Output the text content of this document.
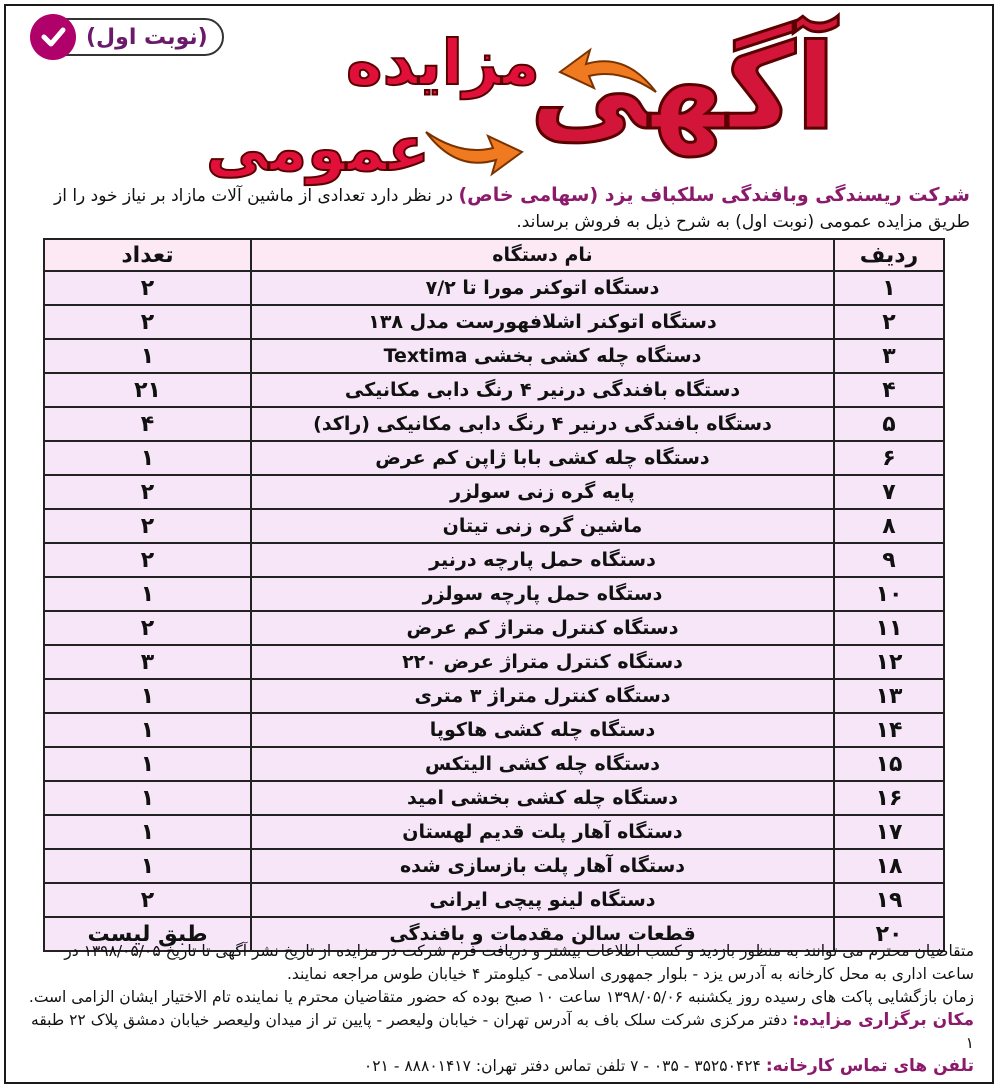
(نوبت اول)	آگهی
مزایده
عمومی
شرکت ریسندگی وبافندگی سلکباف یزد (سهامی خاص) در نظر دارد تعدادی از ماشین آلات مازاد بر نیاز خود را از طریق مزایده عمومی (نوبت اول) به شرح ذیل به فروش برساند.
ردیف	نام دستگاه	تعداد
۱	دستگاه اتوکنر مورا تا ۷/۲	۲
۲	دستگاه اتوکنر اشلافهورست مدل ۱۳۸	۲
۳	دستگاه چله کشی بخشی Textima	۱
۴	دستگاه بافندگی درنیر ۴ رنگ دابی مکانیکی	۲۱
۵	دستگاه بافندگی درنیر ۴ رنگ دابی مکانیکی (راکد)	۴
۶	دستگاه چله کشی بابا ژاپن کم عرض	۱
۷	پایه گره زنی سولزر	۲
۸	ماشین گره زنی تیتان	۲
۹	دستگاه حمل پارچه درنیر	۲
۱۰	دستگاه حمل پارچه سولزر	۱
۱۱	دستگاه کنترل متراژ کم عرض	۲
۱۲	دستگاه کنترل متراژ عرض ۲۲۰	۳
۱۳	دستگاه کنترل متراژ ۳ متری	۱
۱۴	دستگاه چله کشی هاکوپا	۱
۱۵	دستگاه چله کشی الیتکس	۱
۱۶	دستگاه چله کشی بخشی امید	۱
۱۷	دستگاه آهار پلت قدیم لهستان	۱
۱۸	دستگاه آهار پلت بازسازی شده	۱
۱۹	دستگاه لینو پیچی ایرانی	۲
۲۰	قطعات سالن مقدمات و بافندگی	طبق لیست

متقاضیان محترم می توانند به منظور بازدید و کسب اطلاعات بیشتر و دریافت فرم شرکت در مزایده از تاریخ نشر آگهی تا تاریخ ۱۳۹۸/۰۵/۰۵ در ساعت اداری به محل کارخانه به آدرس یزد - بلوار جمهوری اسلامی - کیلومتر ۴ خیابان طوس مراجعه نمایند.

زمان بازگشایی پاکت های رسیده روز یکشنبه ۱۳۹۸/۰۵/۰۶ ساعت ۱۰ صبح بوده که حضور متقاضیان محترم یا نماینده تام الاختیار ایشان الزامی است.

مکان برگزاری مزایده: دفتر مرکزی شرکت سلک باف به آدرس تهران - خیابان ولیعصر - پایین تر از میدان ولیعصر خیابان دمشق پلاک ۲۲ طبقه ۱

تلفن های تماس کارخانه: ۳۵۲۵۰۴۲۴ - ۰۳۵ - ۷ تلفن تماس دفتر تهران: ۸۸۸۰۱۴۱۷ - ۰۲۱
